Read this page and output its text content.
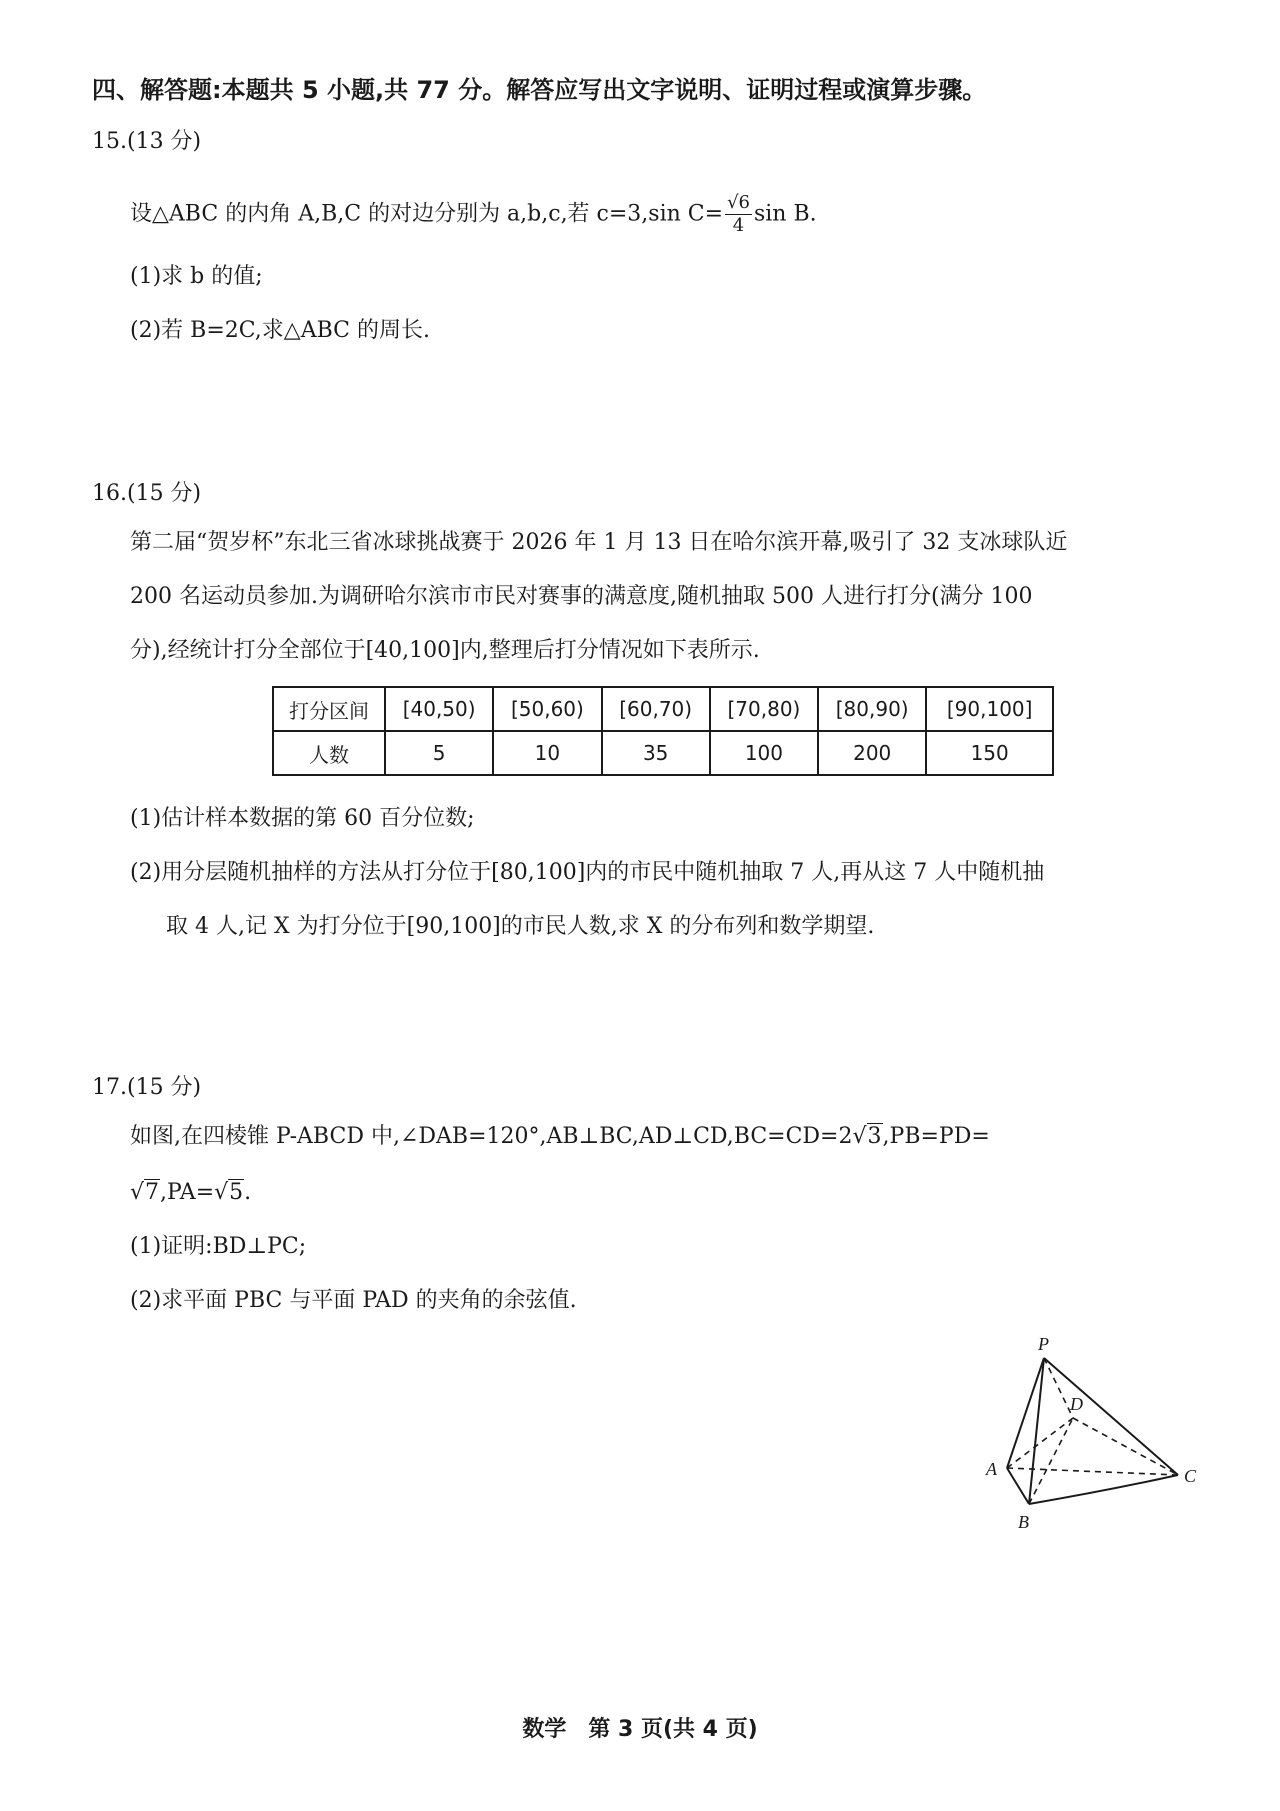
四、解答题:本题共 5 小题,共 77 分。解答应写出文字说明、证明过程或演算步骤。
15.(13 分)
设△ABC 的内角 A,B,C 的对边分别为 a,b,c,若 c=3,sin $C= \frac{√6}{4}$ sin B.
(1)求 b 的值;
(2)若 B=2C,求△ABC 的周长.
16.(15 分)
第二届“贺岁杯”东北三省冰球挑战赛于 2026 年 1 月 13 日在哈尔滨开幕,吸引了 32 支冰球队近
200 名运动员参加.为调研哈尔滨市市民对赛事的满意度,随机抽取 500 人进行打分(满分 100
分),经统计打分全部位于[40,100]内,整理后打分情况如下表所示.
打分区间	[40,50)	[50,60)	[60,70)	[70,80)	[80,90)	[90,100]
人数	5	10	35	100	200	150
(1)估计样本数据的第 60 百分位数;
(2)用分层随机抽样的方法从打分位于[80,100]内的市民中随机抽取 7 人,再从这 7 人中随机抽
取 4 人,记 X 为打分位于[90,100]的市民人数,求 X 的分布列和数学期望.
17.(15 分)
如图,在四棱锥 P-ABCD 中,∠DAB=120°,AB⊥BC,AD⊥CD,BC=CD=2√3,PB=PD=
√7,PA=√5.
(1)证明:BD⊥PC;
(2)求平面 PBC 与平面 PAD 的夹角的余弦值.
P
A
B
C
D
数学　第 3 页(共 4 页)
